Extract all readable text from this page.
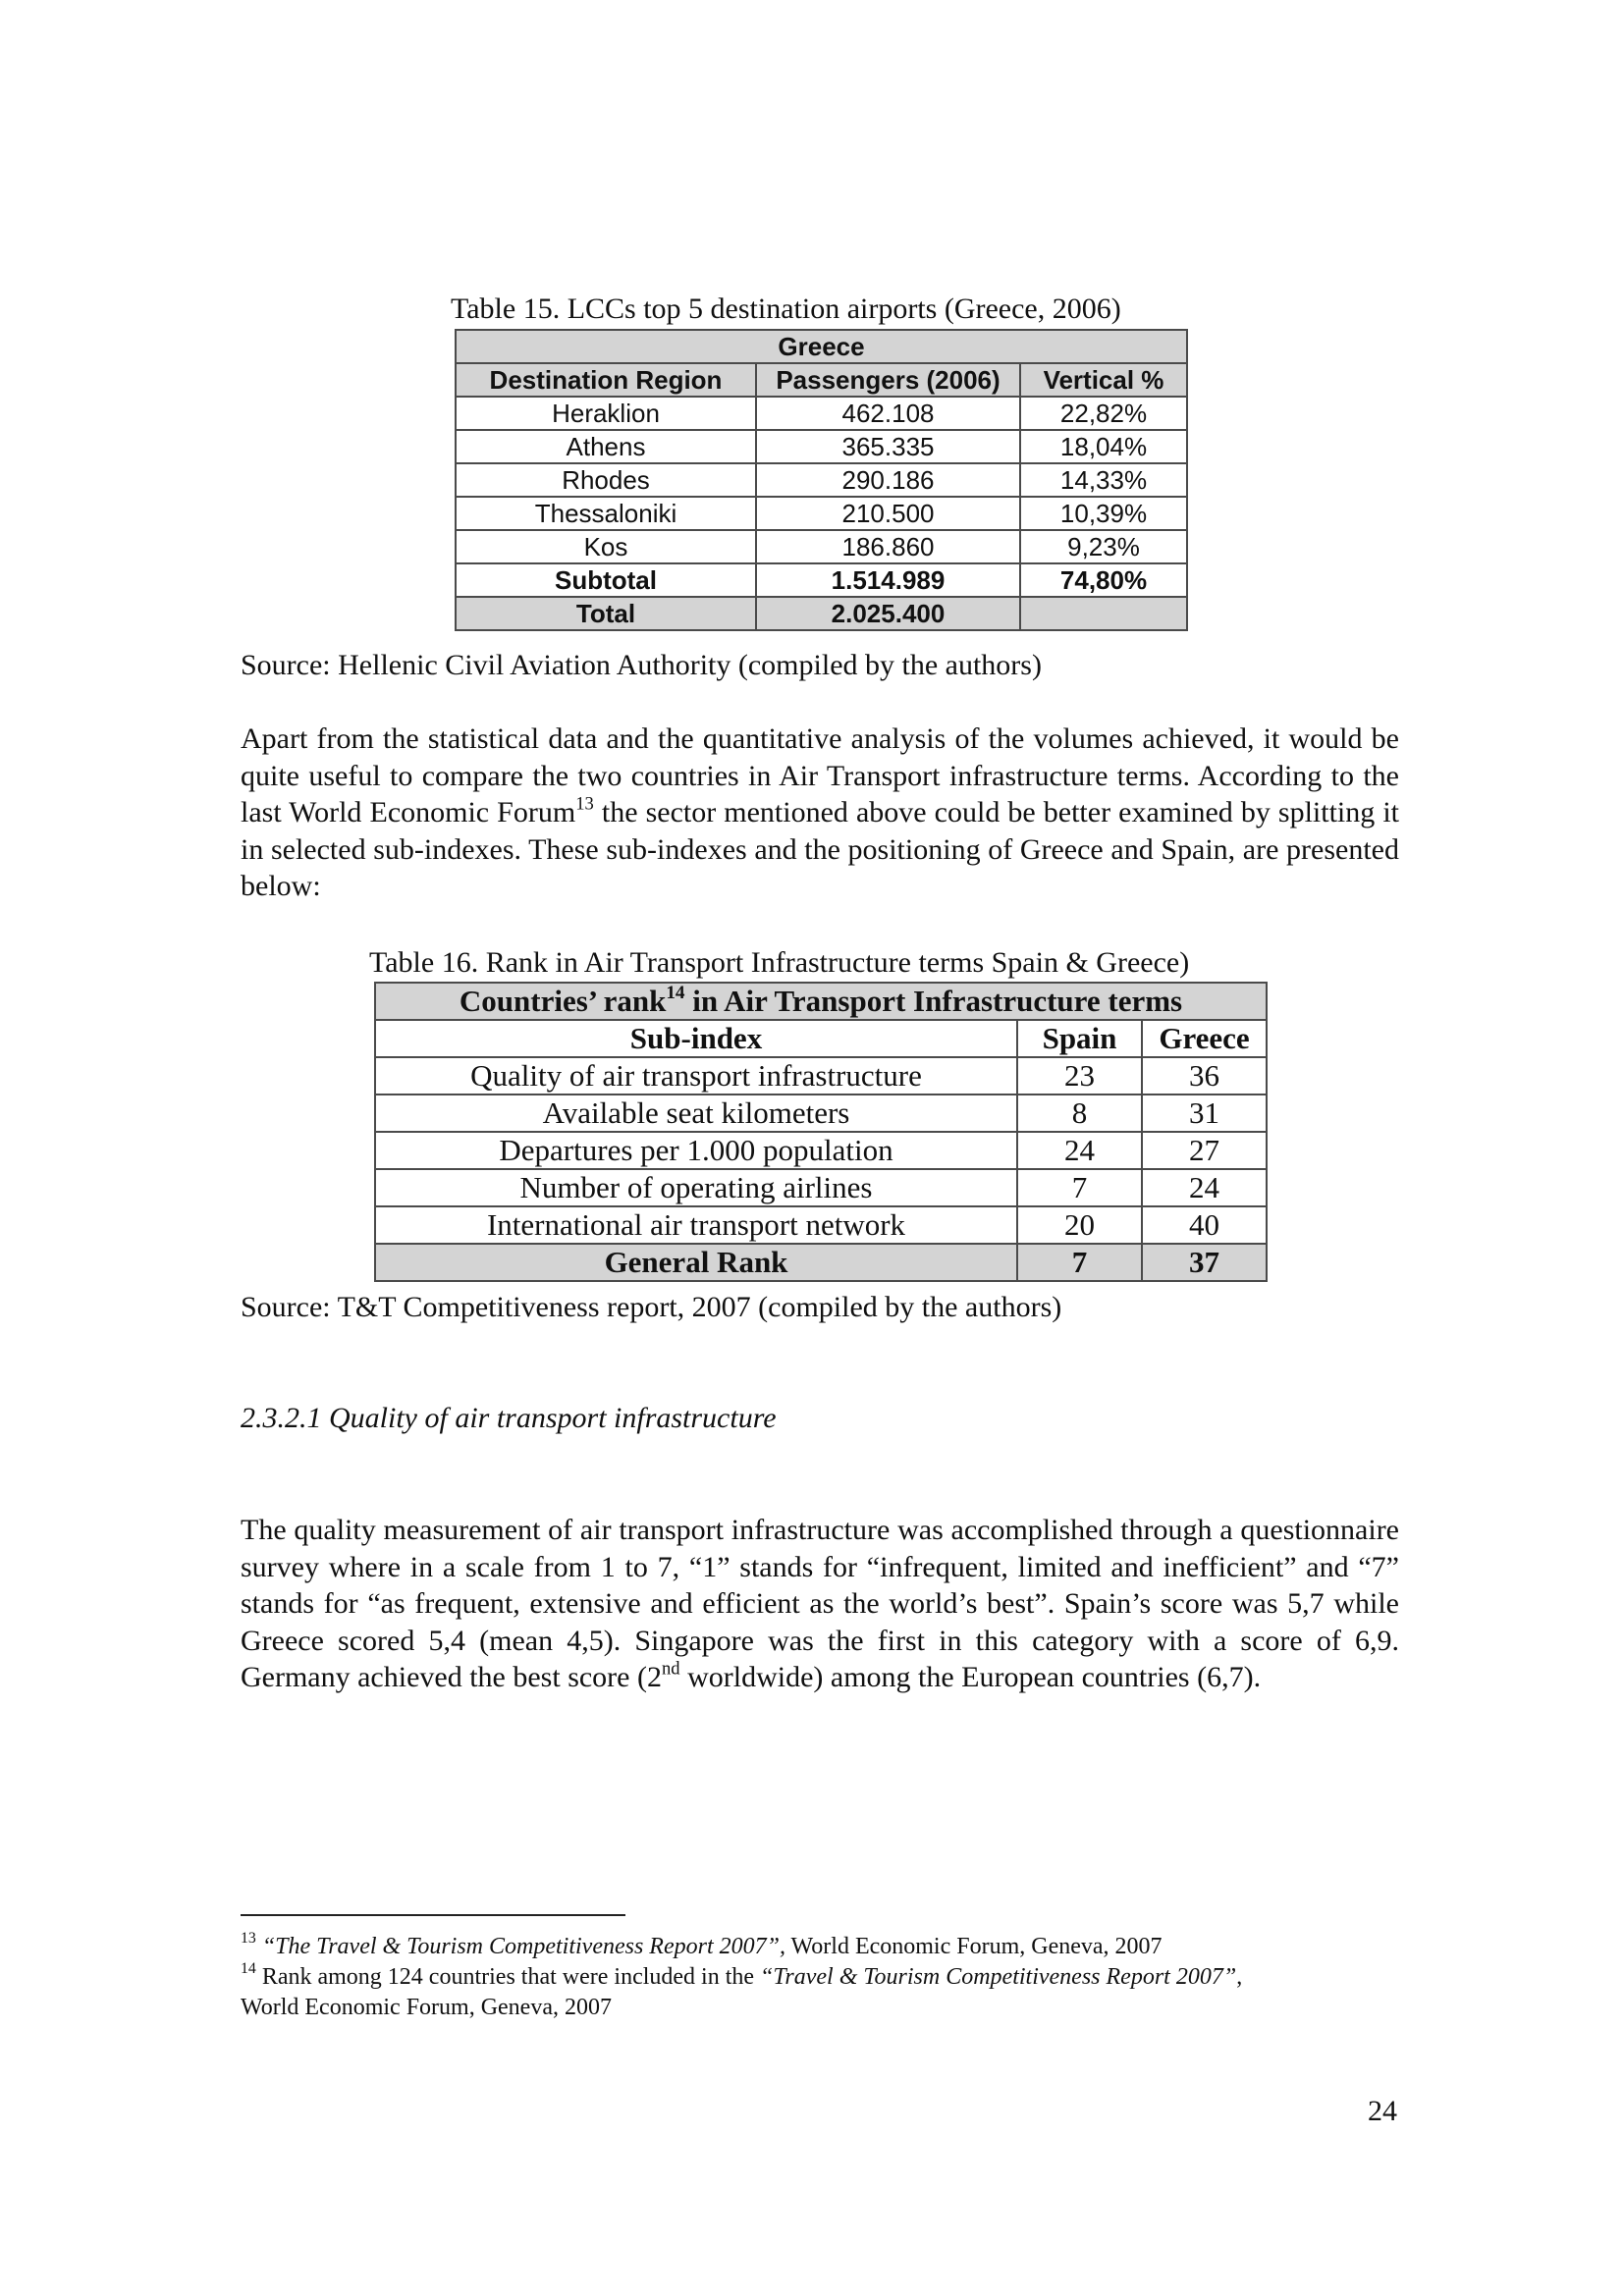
Table 15. LCCs top 5 destination airports (Greece, 2006)
Greece		
Destination Region	Passengers (2006)	Vertical %
Heraklion	462.108	22,82%
Athens	365.335	18,04%
Rhodes	290.186	14,33%
Thessaloniki	210.500	10,39%
Kos	186.860	9,23%
Subtotal	1.514.989	74,80%
Total	2.025.400	
Source: Hellenic Civil Aviation Authority (compiled by the authors)

Apart from the statistical data and the quantitative analysis of the volumes achieved, it would be quite useful to compare the two countries in Air Transport infrastructure terms. According to the last World Economic Forum$^{13}$ the sector mentioned above could be better examined by splitting it in selected sub-indexes. These sub-indexes and the positioning of Greece and Spain, are presented below:

Table 16. Rank in Air Transport Infrastructure terms Spain & Greece)
Countries’ rank$^{14}$ in Air Transport Infrastructure terms		
Sub-index	Spain	Greece
Quality of air transport infrastructure	23	36
Available seat kilometers	8	31
Departures per 1.000 population	24	27
Number of operating airlines	7	24
International air transport network	20	40
General Rank	7	37
Source: T&T Competitiveness report, 2007 (compiled by the authors)
2.3.2.1 Quality of air transport infrastructure

The quality measurement of air transport infrastructure was accomplished through a questionnaire survey where in a scale from 1 to 7, “1” stands for “infrequent, limited and inefficient” and “7” stands for “as frequent, extensive and efficient as the world’s best”. Spain’s score was 5,7 while Greece scored 5,4 (mean 4,5). Singapore was the first in this category with a score of 6,9. Germany achieved the best score (2nd worldwide) among the European countries (6,7).

$^{13}$ “The Travel & Tourism Competitiveness Report 2007”, World Economic Forum, Geneva, 2007
$^{14}$ Rank among 124 countries that were included in the “Travel & Tourism Competitiveness Report 2007”,
World Economic Forum, Geneva, 2007
24
